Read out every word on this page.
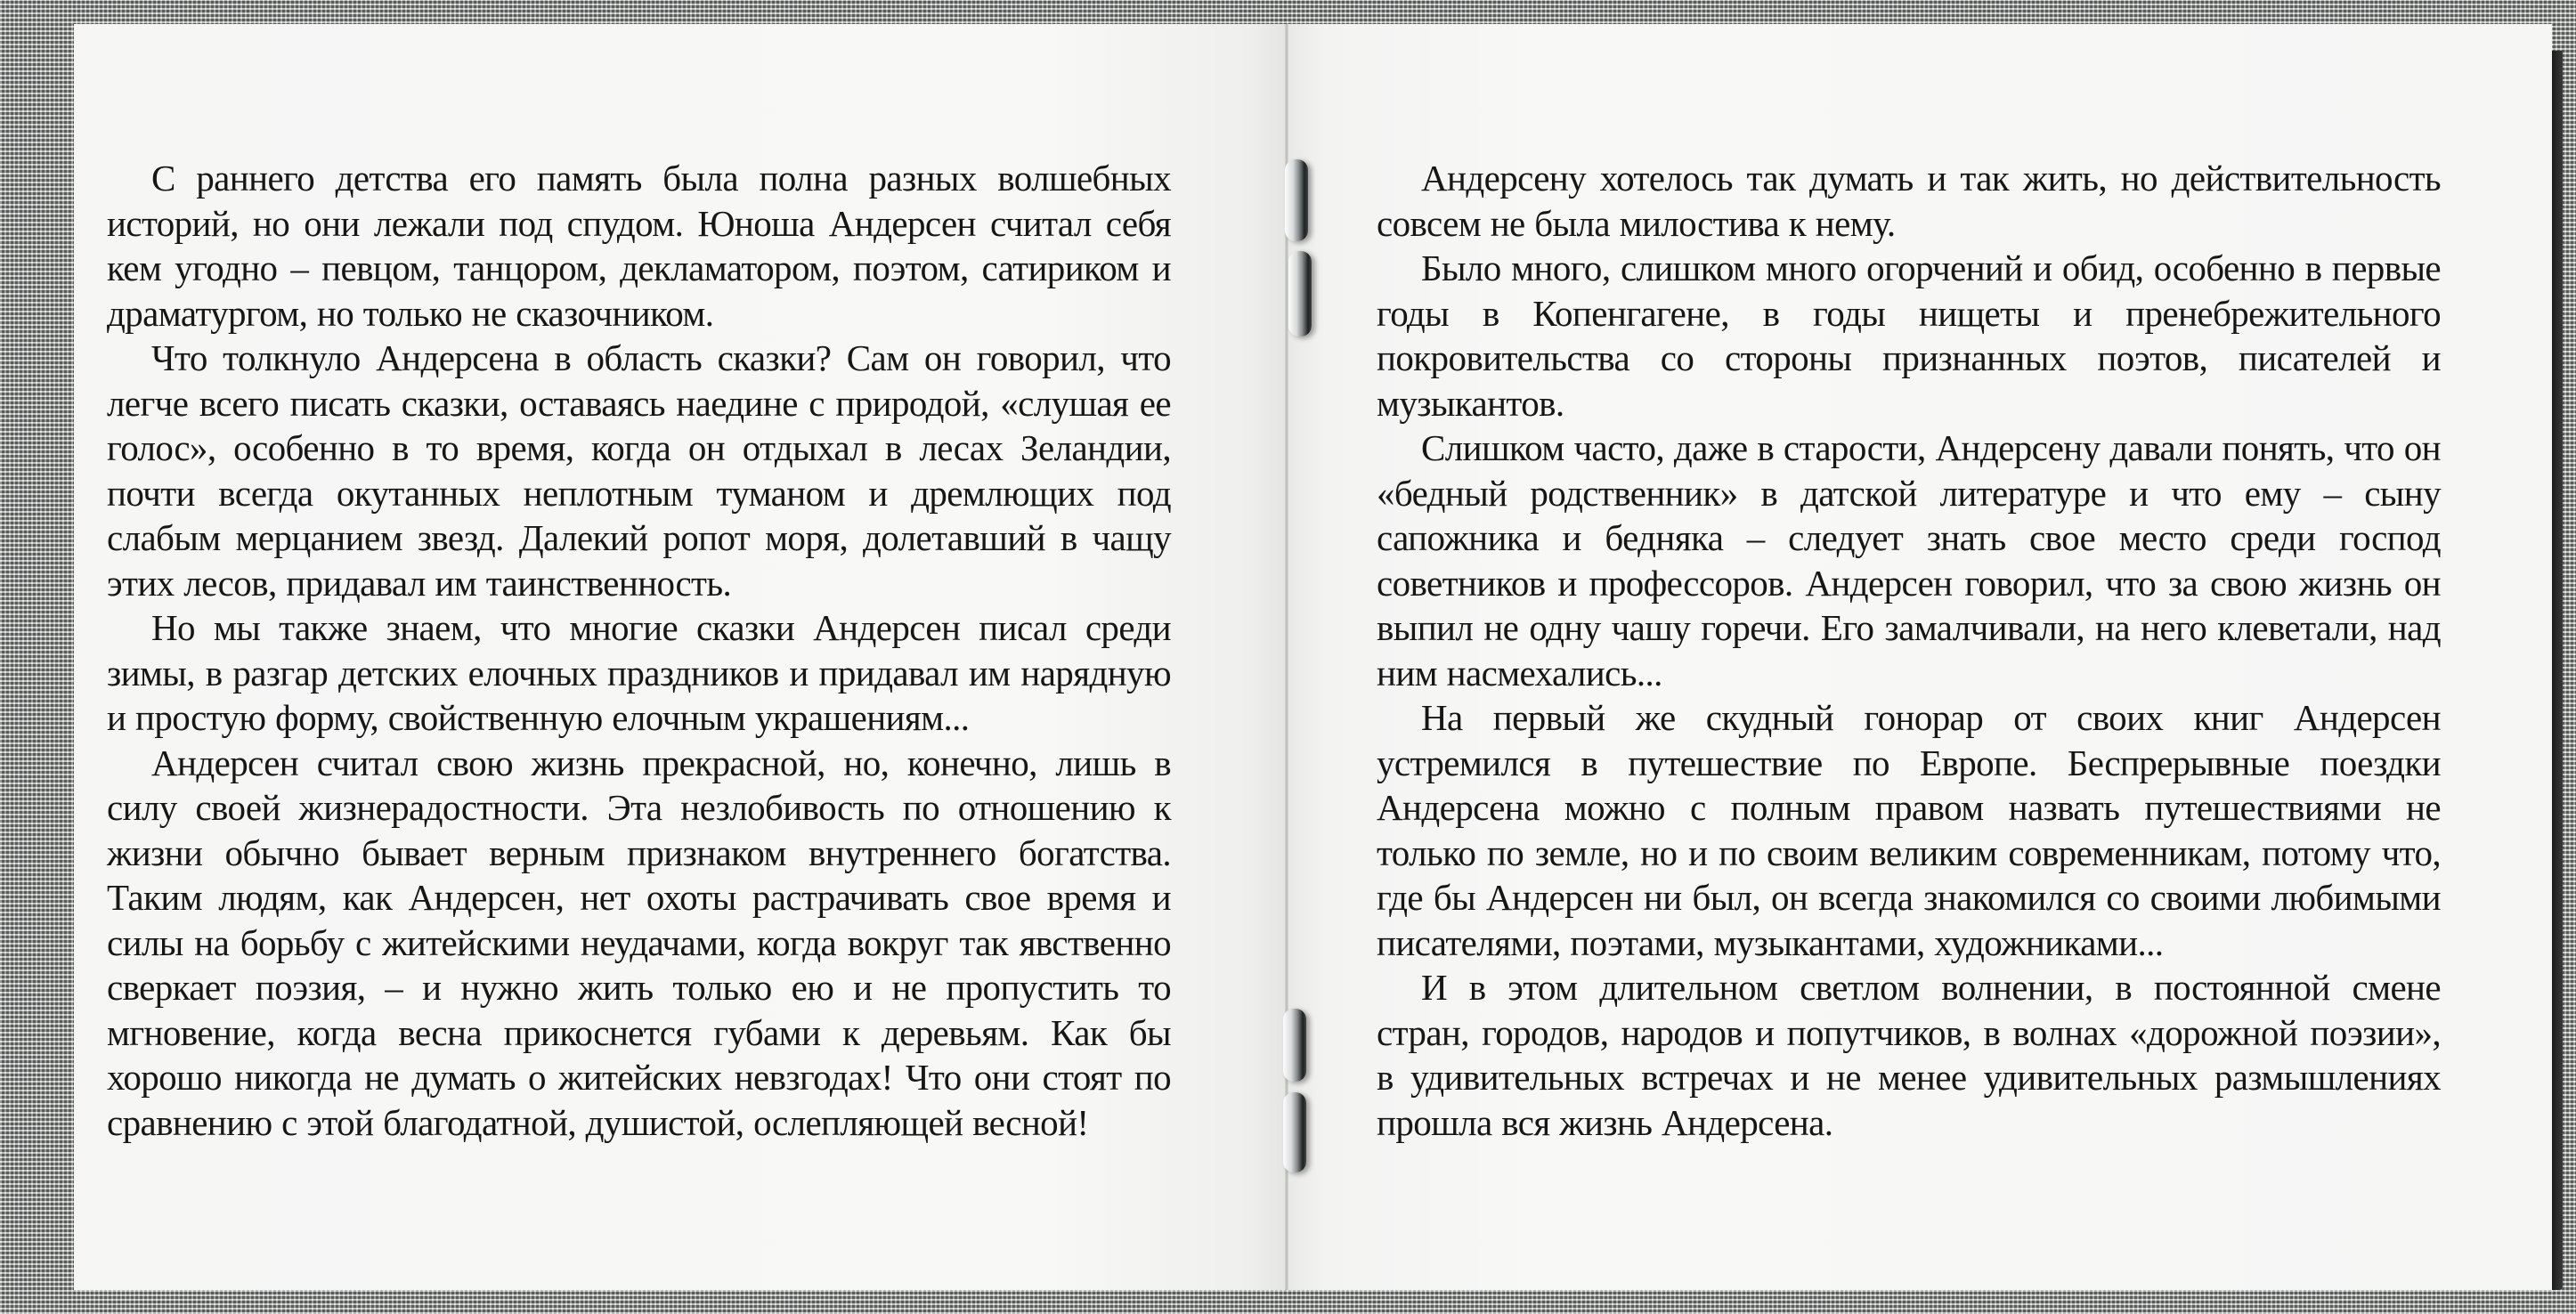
С раннего детства его память была полна разных волшебных историй, но они лежали под спудом. Юноша Андерсен считал себя кем угодно – певцом, танцором, декламатором, поэтом, сатириком и драматургом, но только не сказочником.

Что толкнуло Андерсена в область сказки? Сам он говорил, что легче всего писать сказки, оставаясь наедине с природой, «слушая ее голос», особенно в то время, когда он отдыхал в лесах Зеландии, почти всегда окутанных неплотным туманом и дремлющих под слабым мерцанием звезд. Далекий ропот моря, долетавший в чащу этих лесов, придавал им таинственность.

Но мы также знаем, что многие сказки Андерсен писал среди зимы, в разгар детских елочных праздников и придавал им нарядную и простую форму, свойственную елочным украшениям...

Андерсен считал свою жизнь прекрасной, но, конечно, лишь в силу своей жизнерадостности. Эта незлобивость по отношению к жизни обычно бывает верным признаком внутреннего богатства. Таким людям, как Андерсен, нет охоты растрачивать свое время и силы на борьбу с житейскими неудачами, когда вокруг так явственно сверкает поэзия, – и нужно жить только ею и не пропустить то мгновение, когда весна прикоснется губами к деревьям. Как бы хорошо никогда не думать о житейских невзгодах! Что они стоят по сравнению с этой благодатной, душистой, ослепляющей весной!

Андерсену хотелось так думать и так жить, но действительность совсем не была милостива к нему.

Было много, слишком много огорчений и обид, особенно в первые годы в Копенгагене, в годы нищеты и пренебрежительного покровительства со стороны признанных поэтов, писателей и музыкантов.

Слишком часто, даже в старости, Андерсену давали понять, что он «бедный родственник» в датской литературе и что ему – сыну сапожника и бедняка – следует знать свое место среди господ советников и профессоров. Андерсен говорил, что за свою жизнь он выпил не одну чашу горечи. Его замалчивали, на него клеветали, над ним насмехались...

На первый же скудный гонорар от своих книг Андерсен устремился в путешествие по Европе. Беспрерывные поездки Андерсена можно с полным правом назвать путешествиями не только по земле, но и по своим великим современникам, потому что, где бы Андерсен ни был, он всегда знакомился со своими любимыми писателями, поэтами, музыкантами, художниками...

И в этом длительном светлом волнении, в постоянной смене стран, городов, народов и попутчиков, в волнах «дорожной поэзии», в удивительных встречах и не менее удивительных размышлениях прошла вся жизнь Андерсена.
